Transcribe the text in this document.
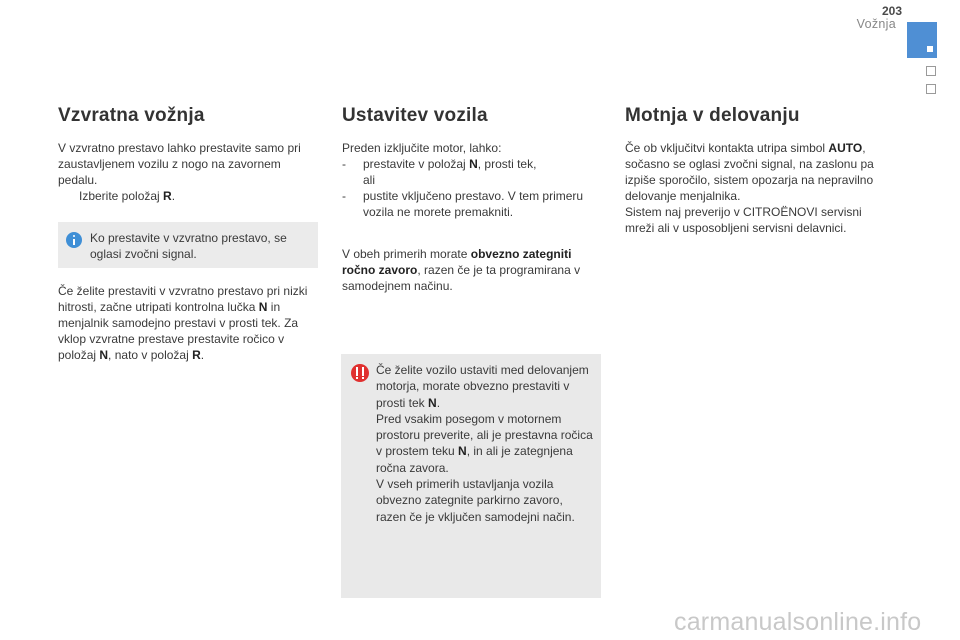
203
Vožnja
Vzvratna vožnja

V vzvratno prestavo lahko prestavite samo pri zaustavljenem vozilu z nogo na zavornem pedalu.

Izberite položaj R.

Ko prestavite v vzvratno prestavo, se oglasi zvočni signal.

Če želite prestaviti v vzvratno prestavo pri nizki hitrosti, začne utripati kontrolna lučka N in menjalnik samodejno prestavi v prosti tek. Za vklop vzvratne prestave prestavite ročico v položaj N, nato v položaj R.

Ustavitev vozila

Preden izključite motor, lahko:

- prestavite v položaj N, prosti tek,
ali

- pustite vključeno prestavo. V tem primeru vozila ne morete premakniti.

V obeh primerih morate obvezno zategniti ročno zavoro, razen če je ta programirana v samodejnem načinu.

Če želite vozilo ustaviti med delovanjem motorja, morate obvezno prestaviti v prosti tek N.

Pred vsakim posegom v motornem prostoru preverite, ali je prestavna ročica v prostem teku N, in ali je zategnjena ročna zavora.

V vseh primerih ustavljanja vozila obvezno zategnite parkirno zavoro, razen če je vključen samodejni način.

Motnja v delovanju

Če ob vključitvi kontakta utripa simbol AUTO, sočasno se oglasi zvočni signal, na zaslonu pa izpiše sporočilo, sistem opozarja na nepravilno delovanje menjalnika.

Sistem naj preverijo v CITROËNOVI servisni mreži ali v usposobljeni servisni delavnici.

carmanualsonline.info
